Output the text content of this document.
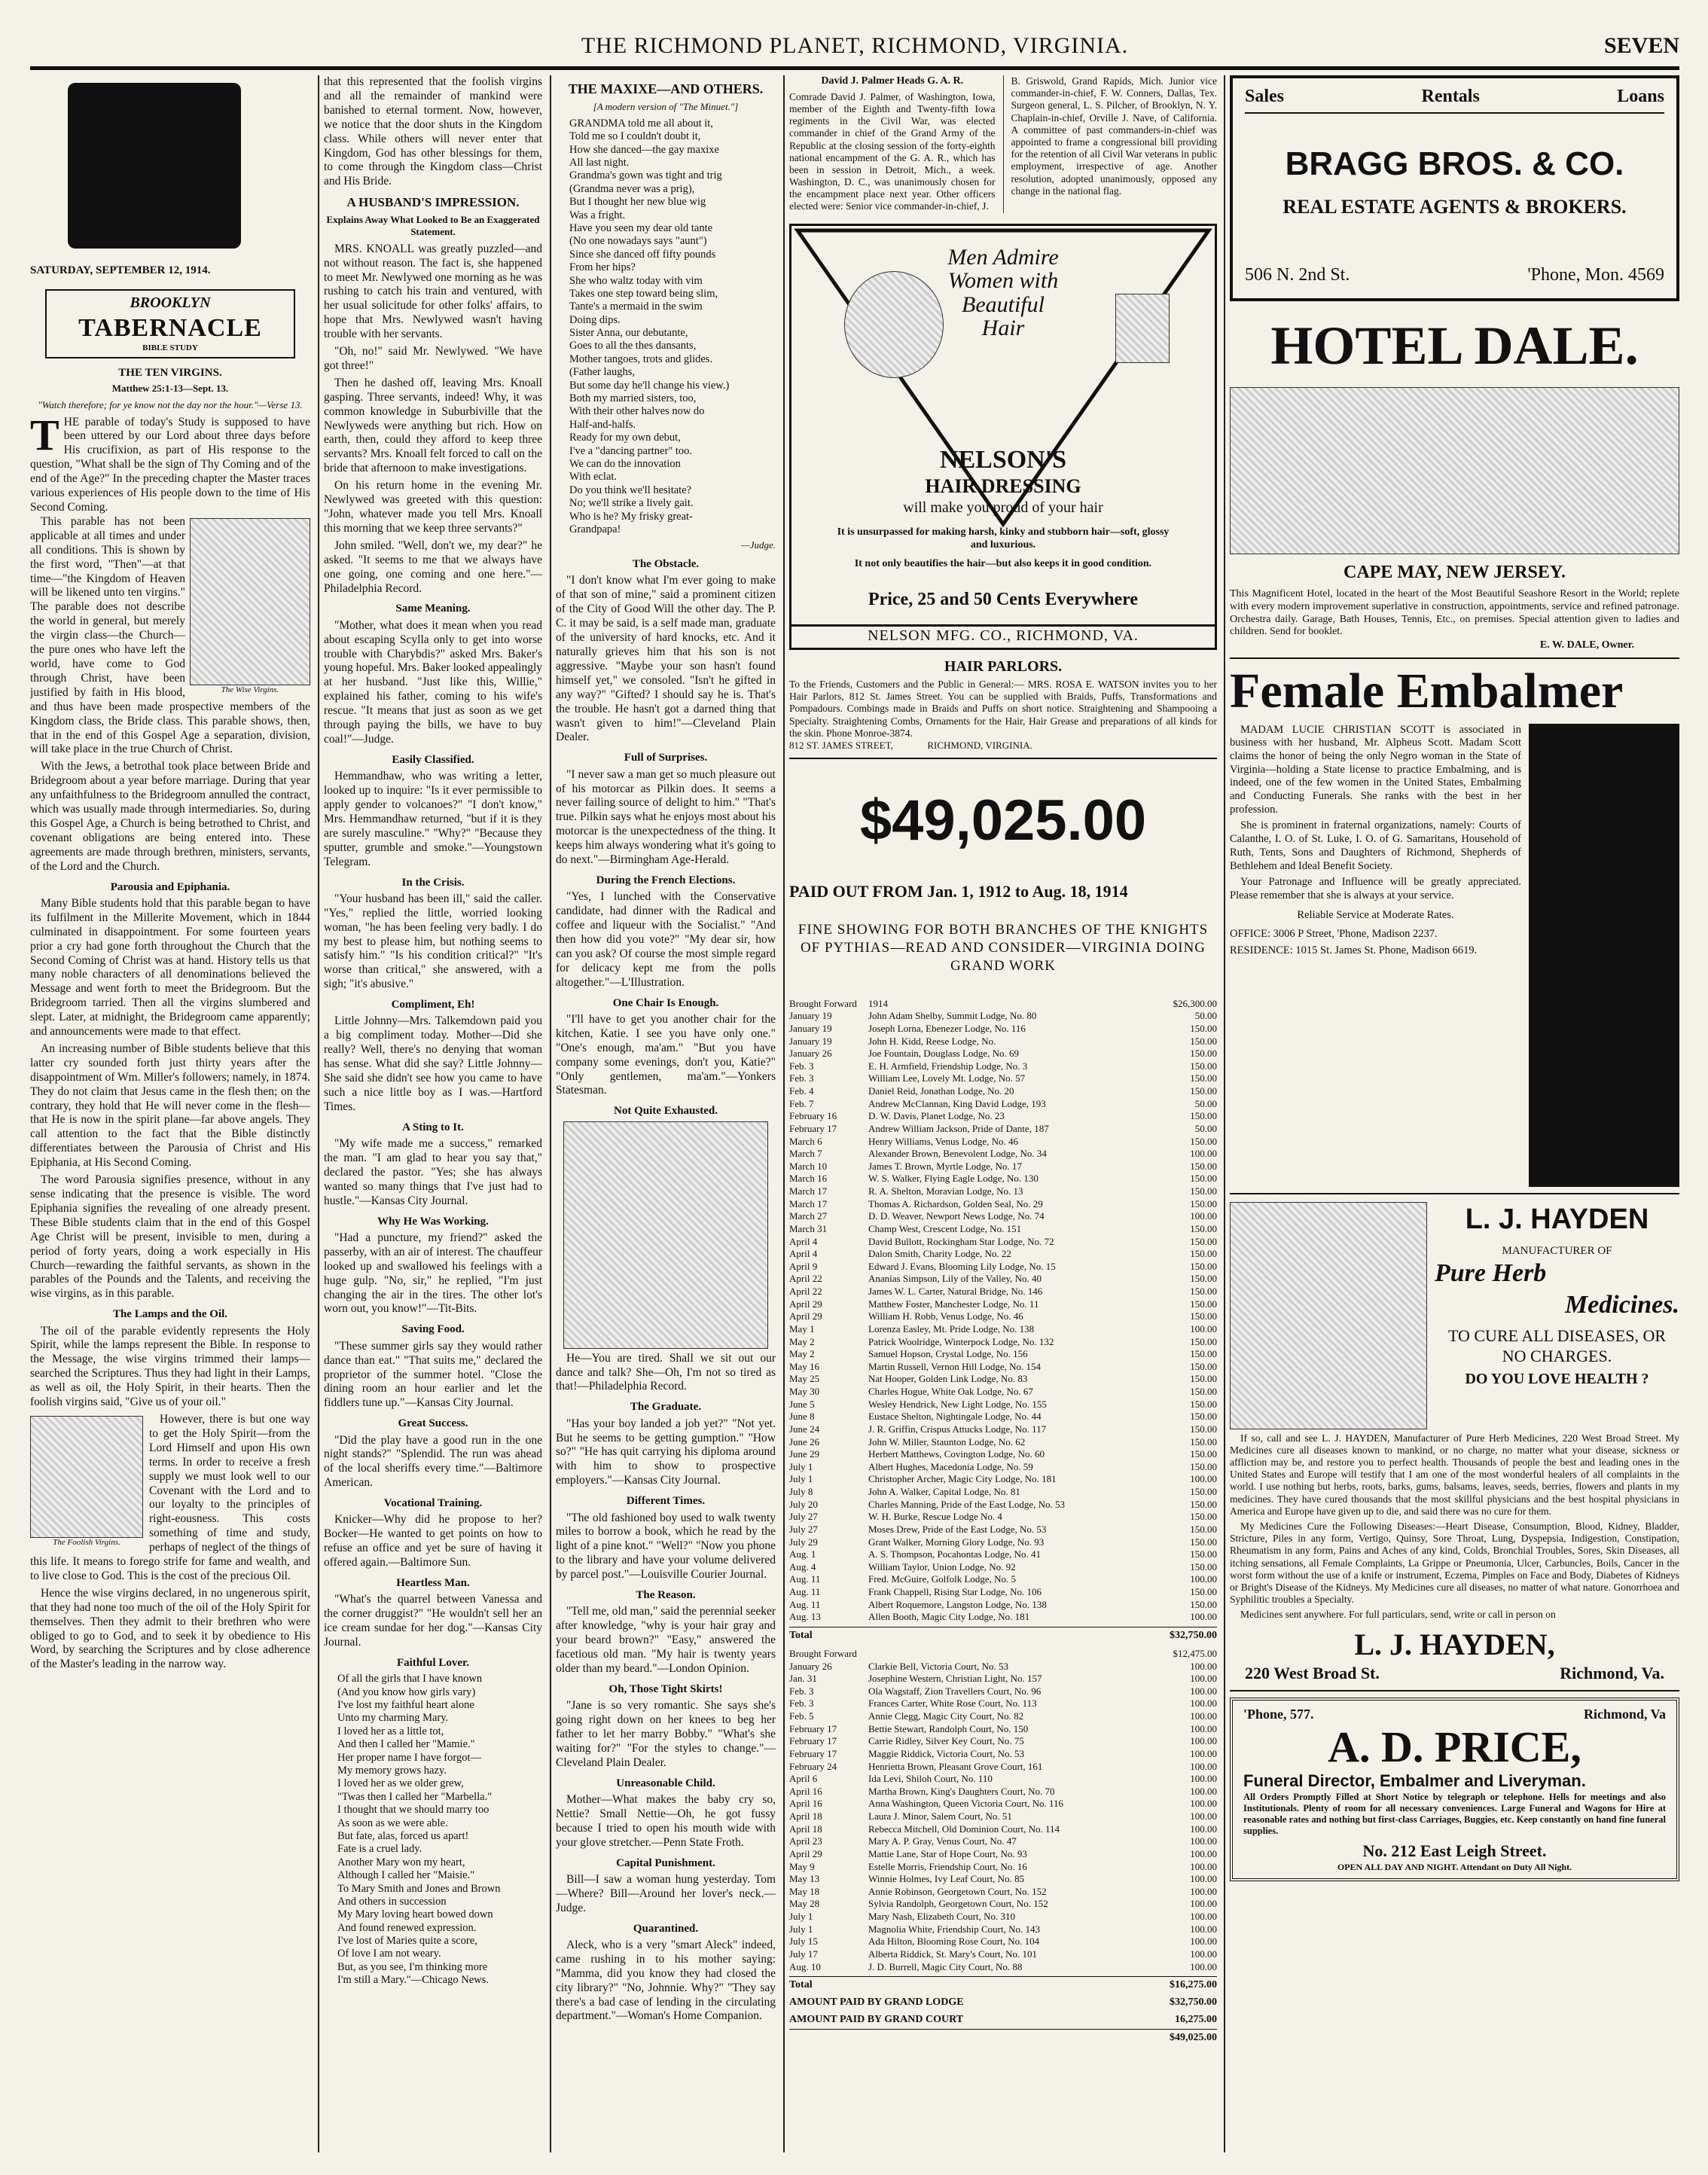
THE RICHMOND PLANET, RICHMOND, VIRGINIA.	SEVEN
SATURDAY, SEPTEMBER 12, 1914.
BROOKLYN
TABERNACLE
BIBLE STUDY
THE TEN VIRGINS.
Matthew 25:1-13—Sept. 13.
"Watch therefore; for ye know not the day nor the hour."—Verse 13.
T HE parable of today's Study is supposed to have been uttered by our Lord about three days before His crucifixion, as part of His response to the question, "What shall be the sign of Thy Coming and of the end of the Age?" In the preceding chapter the Master traces various experiences of His people down to the time of His Second Coming.
The Wise Virgins.

This parable has not been applicable at all times and under all conditions. This is shown by the first word, "Then"—at that time—"the Kingdom of Heaven will be likened unto ten virgins." The parable does not describe the world in general, but merely the virgin class—the Church—the pure ones who have left the world, have come to God through Christ, have been justified by faith in His blood, and thus have been made prospective members of the Kingdom class, the Bride class. This parable shows, then, that in the end of this Gospel Age a separation, division, will take place in the true Church of Christ.

With the Jews, a betrothal took place between Bride and Bridegroom about a year before marriage. During that year any unfaithfulness to the Bridegroom annulled the contract, which was usually made through intermediaries. So, during this Gospel Age, a Church is being betrothed to Christ, and covenant obligations are being entered into. These agreements are made through brethren, ministers, servants, of the Lord and the Church.

Parousia and Epiphania.

Many Bible students hold that this parable began to have its fulfilment in the Millerite Movement, which in 1844 culminated in disappointment. For some fourteen years prior a cry had gone forth throughout the Church that the Second Coming of Christ was at hand. History tells us that many noble characters of all denominations believed the Message and went forth to meet the Bridegroom. But the Bridegroom tarried. Then all the virgins slumbered and slept. Later, at midnight, the Bridegroom came apparently; and announcements were made to that effect.

An increasing number of Bible students believe that this latter cry sounded forth just thirty years after the disappointment of Wm. Miller's followers; namely, in 1874. They do not claim that Jesus came in the flesh then; on the contrary, they hold that He will never come in the flesh—that He is now in the spirit plane—far above angels. They call attention to the fact that the Bible distinctly differentiates between the Parousia of Christ and His Epiphania, at His Second Coming.

The word Parousia signifies presence, without in any sense indicating that the presence is visible. The word Epiphania signifies the revealing of one already present. These Bible students claim that in the end of this Gospel Age Christ will be present, invisible to men, during a period of forty years, doing a work especially in His Church—rewarding the faithful servants, as shown in the parables of the Pounds and the Talents, and receiving the wise virgins, as in this parable.

The Lamps and the Oil.

The oil of the parable evidently represents the Holy Spirit, while the lamps represent the Bible. In response to the Message, the wise virgins trimmed their lamps—searched the Scriptures. Thus they had light in their Lamps, as well as oil, the Holy Spirit, in their hearts. Then the foolish virgins said, "Give us of your oil."

The Foolish Virgins.

However, there is but one way to get the Holy Spirit—from the Lord Himself and upon His own terms. In order to receive a fresh supply we must look well to our Covenant with the Lord and to our loyalty to the principles of right-eousness. This costs something of time and study, perhaps of neglect of the things of this life. It means to forego strife for fame and wealth, and to live close to God. This is the cost of the precious Oil.

Hence the wise virgins declared, in no ungenerous spirit, that they had none too much of the oil of the Holy Spirit for themselves. Then they admit to their brethren who were obliged to go to God, and to seek it by obedience to His Word, by searching the Scriptures and by close adherence of the Master's leading in the narrow way.

that this represented that the foolish virgins and all the remainder of mankind were banished to eternal torment. Now, however, we notice that the door shuts in the Kingdom class. While others will never enter that Kingdom, God has other blessings for them, to come through the Kingdom class—Christ and His Bride.

A HUSBAND'S IMPRESSION.
Explains Away What Looked to Be an Exaggerated Statement.

MRS. KNOALL was greatly puzzled—and not without reason. The fact is, she happened to meet Mr. Newlywed one morning as he was rushing to catch his train and ventured, with her usual solicitude for other folks' affairs, to hope that Mrs. Newlywed wasn't having trouble with her servants.

"Oh, no!" said Mr. Newlywed. "We have got three!"

Then he dashed off, leaving Mrs. Knoall gasping. Three servants, indeed! Why, it was common knowledge in Suburbiville that the Newlyweds were anything but rich. How on earth, then, could they afford to keep three servants? Mrs. Knoall felt forced to call on the bride that afternoon to make investigations.

On his return home in the evening Mr. Newlywed was greeted with this question: "John, whatever made you tell Mrs. Knoall this morning that we keep three servants?"

John smiled. "Well, don't we, my dear?" he asked. "It seems to me that we always have one going, one coming and one here."—Philadelphia Record.

Same Meaning.

"Mother, what does it mean when you read about escaping Scylla only to get into worse trouble with Charybdis?" asked Mrs. Baker's young hopeful. Mrs. Baker looked appealingly at her husband. "Just like this, Willie," explained his father, coming to his wife's rescue. "It means that just as soon as we get through paying the bills, we have to buy coal!"—Judge.

Easily Classified.

Hemmandhaw, who was writing a letter, looked up to inquire: "Is it ever permissible to apply gender to volcanoes?" "I don't know," Mrs. Hemmandhaw returned, "but if it is they are surely masculine." "Why?" "Because they sputter, grumble and smoke."—Youngstown Telegram.

In the Crisis.

"Your husband has been ill," said the caller. "Yes," replied the little, worried looking woman, "he has been feeling very badly. I do my best to please him, but nothing seems to satisfy him." "Is his condition critical?" "It's worse than critical," she answered, with a sigh; "it's abusive."

Compliment, Eh!

Little Johnny—Mrs. Talkemdown paid you a big compliment today. Mother—Did she really? Well, there's no denying that woman has sense. What did she say? Little Johnny—She said she didn't see how you came to have such a nice little boy as I was.—Hartford Times.

A Sting to It.

"My wife made me a success," remarked the man. "I am glad to hear you say that," declared the pastor. "Yes; she has always wanted so many things that I've just had to hustle."—Kansas City Journal.

Why He Was Working.

"Had a puncture, my friend?" asked the passerby, with an air of interest. The chauffeur looked up and swallowed his feelings with a huge gulp. "No, sir," he replied, "I'm just changing the air in the tires. The other lot's worn out, you know!"—Tit-Bits.

Saving Food.

"These summer girls say they would rather dance than eat." "That suits me," declared the proprietor of the summer hotel. "Close the dining room an hour earlier and let the fiddlers tune up."—Kansas City Journal.

Great Success.

"Did the play have a good run in the one night stands?" "Splendid. The run was ahead of the local sheriffs every time."—Baltimore American.

Vocational Training.

Knicker—Why did he propose to her? Bocker—He wanted to get points on how to refuse an office and yet be sure of having it offered again.—Baltimore Sun.

Heartless Man.

"What's the quarrel between Vanessa and the corner druggist?" "He wouldn't sell her an ice cream sundae for her dog."—Kansas City Journal.

Faithful Lover.
Of all the girls that I have known
(And you know how girls vary)
I've lost my faithful heart alone
Unto my charming Mary.
I loved her as a little tot,
And then I called her "Mamie."
Her proper name I have forgot—
My memory grows hazy.
I loved her as we older grew,
"Twas then I called her "Marbella."
I thought that we should marry too
As soon as we were able.
But fate, alas, forced us apart!
Fate is a cruel lady.
Another Mary won my heart,
Although I called her "Maisie."
To Mary Smith and Jones and Brown
And others in succession
My Mary loving heart bowed down
And found renewed expression.
I've lost of Maries quite a score,
Of love I am not weary.
But, as you see, I'm thinking more
I'm still a Mary."—Chicago News.
THE MAXIXE—AND OTHERS.
[A modern version of "The Minuet."]
GRANDMA told me all about it,
Told me so I couldn't doubt it,
How she danced—the gay maxixe
All last night.
Grandma's gown was tight and trig
(Grandma never was a prig),
But I thought her new blue wig
Was a fright.
Have you seen my dear old tante
(No one nowadays says "aunt")
Since she danced off fifty pounds
From her hips?
She who waltz today with vim
Takes one step toward being slim,
Tante's a mermaid in the swim
Doing dips.
Sister Anna, our debutante,
Goes to all the thes dansants,
Mother tangoes, trots and glides.
(Father laughs,
But some day he'll change his view.)
Both my married sisters, too,
With their other halves now do
Half-and-halfs.
Ready for my own debut,
I've a "dancing partner" too.
We can do the innovation
With eclat.
Do you think we'll hesitate?
No; we'll strike a lively gait.
Who is he? My frisky great-
Grandpapa!
—Judge.
The Obstacle.

"I don't know what I'm ever going to make of that son of mine," said a prominent citizen of the City of Good Will the other day. The P. C. it may be said, is a self made man, graduate of the university of hard knocks, etc. And it naturally grieves him that his son is not aggressive. "Maybe your son hasn't found himself yet," we consoled. "Isn't he gifted in any way?" "Gifted? I should say he is. That's the trouble. He hasn't got a darned thing that wasn't given to him!"—Cleveland Plain Dealer.

Full of Surprises.

"I never saw a man get so much pleasure out of his motorcar as Pilkin does. It seems a never failing source of delight to him." "That's true. Pilkin says what he enjoys most about his motorcar is the unexpectedness of the thing. It keeps him always wondering what it's going to do next."—Birmingham Age-Herald.

During the French Elections.

"Yes, I lunched with the Conservative candidate, had dinner with the Radical and coffee and liqueur with the Socialist." "And then how did you vote?" "My dear sir, how can you ask? Of course the most simple regard for delicacy kept me from the polls altogether."—L'Illustration.

One Chair Is Enough.

"I'll have to get you another chair for the kitchen, Katie. I see you have only one." "One's enough, ma'am." "But you have company some evenings, don't you, Katie?" "Only gentlemen, ma'am."—Yonkers Statesman.

Not Quite Exhausted.

He—You are tired. Shall we sit out our dance and talk? She—Oh, I'm not so tired as that!—Philadelphia Record.

The Graduate.

"Has your boy landed a job yet?" "Not yet. But he seems to be getting gumption." "How so?" "He has quit carrying his diploma around with him to show to prospective employers."—Kansas City Journal.

Different Times.

"The old fashioned boy used to walk twenty miles to borrow a book, which he read by the light of a pine knot." "Well?" "Now you phone to the library and have your volume delivered by parcel post."—Louisville Courier Journal.

The Reason.

"Tell me, old man," said the perennial seeker after knowledge, "why is your hair gray and your beard brown?" "Easy," answered the facetious old man. "My hair is twenty years older than my beard."—London Opinion.

Oh, Those Tight Skirts!

"Jane is so very romantic. She says she's going right down on her knees to beg her father to let her marry Bobby." "What's she waiting for?" "For the styles to change."—Cleveland Plain Dealer.

Unreasonable Child.

Mother—What makes the baby cry so, Nettie? Small Nettie—Oh, he got fussy because I tried to open his mouth wide with your glove stretcher.—Penn State Froth.

Capital Punishment.

Bill—I saw a woman hung yesterday. Tom—Where? Bill—Around her lover's neck.—Judge.

Quarantined.

Aleck, who is a very "smart Aleck" indeed, came rushing in to his mother saying: "Mamma, did you know they had closed the city library?" "No, Johnnie. Why?" "They say there's a bad case of lending in the circulating department."—Woman's Home Companion.

David J. Palmer Heads G. A. R.
Comrade David J. Palmer, of Washington, Iowa, member of the Eighth and Twenty-fifth Iowa regiments in the Civil War, was elected commander in chief of the Grand Army of the Republic at the closing session of the forty-eighth national encampment of the G. A. R., which has been in session in Detroit, Mich., a week. Washington, D. C., was unanimously chosen for the encampment place next year. Other officers elected were: Senior vice commander-in-chief, J.
B. Griswold, Grand Rapids, Mich. Junior vice commander-in-chief, F. W. Conners, Dallas, Tex. Surgeon general, L. S. Pilcher, of Brooklyn, N. Y. Chaplain-in-chief, Orville J. Nave, of California. A committee of past commanders-in-chief was appointed to frame a congressional bill providing for the retention of all Civil War veterans in public employment, irrespective of age. Another resolution, adopted unanimously, opposed any change in the national flag.
Men Admire Women with Beautiful Hair
NELSON'S
HAIR DRESSING
will make you proud of your hair
It is unsurpassed for making harsh, kinky and stubborn hair—soft, glossy and luxurious.
It not only beautifies the hair—but also keeps it in good condition.
Price, 25 and 50 Cents Everywhere
NELSON MFG. CO., RICHMOND, VA.
HAIR PARLORS.
To the Friends, Customers and the Public in General:— MRS. ROSA E. WATSON invites you to her Hair Parlors, 812 St. James Street. You can be supplied with Braids, Puffs, Transformations and Pompadours. Combings made in Braids and Puffs on short notice. Straightening and Shampooing a Specialty. Straightening Combs, Ornaments for the Hair, Hair Grease and preparations of all kinds for the skin. Phone Monroe-3874.
812 ST. JAMES STREET,              RICHMOND, VIRGINIA.
$49,025.00
PAID OUT FROM Jan. 1, 1912 to Aug. 18, 1914
FINE SHOWING FOR BOTH BRANCHES OF THE KNIGHTS OF PYTHIAS—READ AND CONSIDER—VIRGINIA DOING GRAND WORK
Brought Forward	1914	$26,300.00
January 19	John Adam Shelby, Summit Lodge, No. 80	50.00
January 19	Joseph Lorna, Ebenezer Lodge, No. 116	150.00
January 19	John H. Kidd, Reese Lodge, No.	150.00
January 26	Joe Fountain, Douglass Lodge, No. 69	150.00
Feb. 3	E. H. Armfield, Friendship Lodge, No. 3	150.00
Feb. 3	William Lee, Lovely Mt. Lodge, No. 57	150.00
Feb. 4	Daniel Reid, Jonathan Lodge, No. 20	150.00
Feb. 7	Andrew McClannan, King David Lodge, 193	50.00
February 16	D. W. Davis, Planet Lodge, No. 23	150.00
February 17	Andrew William Jackson, Pride of Dante, 187	50.00
March 6	Henry Williams, Venus Lodge, No. 46	150.00
March 7	Alexander Brown, Benevolent Lodge, No. 34	100.00
March 10	James T. Brown, Myrtle Lodge, No. 17	150.00
March 16	W. S. Walker, Flying Eagle Lodge, No. 130	150.00
March 17	R. A. Shelton, Moravian Lodge, No. 13	150.00
March 17	Thomas A. Richardson, Golden Seal, No. 29	150.00
March 27	D. D. Weaver, Newport News Lodge, No. 74	100.00
March 31	Champ West, Crescent Lodge, No. 151	150.00
April 4	David Bullott, Rockingham Star Lodge, No. 72	150.00
April 4	Dalon Smith, Charity Lodge, No. 22	150.00
April 9	Edward J. Evans, Blooming Lily Lodge, No. 15	150.00
April 22	Ananias Simpson, Lily of the Valley, No. 40	150.00
April 22	James W. L. Carter, Natural Bridge, No. 146	150.00
April 29	Matthew Foster, Manchester Lodge, No. 11	150.00
April 29	William H. Robb, Venus Lodge, No. 46	150.00
May 1	Lorenza Easley, Mt. Pride Lodge, No. 138	100.00
May 2	Patrick Woolridge, Winterpock Lodge, No. 132	150.00
May 2	Samuel Hopson, Crystal Lodge, No. 156	150.00
May 16	Martin Russell, Vernon Hill Lodge, No. 154	150.00
May 25	Nat Hooper, Golden Link Lodge, No. 83	150.00
May 30	Charles Hogue, White Oak Lodge, No. 67	150.00
June 5	Wesley Hendrick, New Light Lodge, No. 155	150.00
June 8	Eustace Shelton, Nightingale Lodge, No. 44	150.00
June 24	J. R. Griffin, Crispus Attucks Lodge, No. 117	150.00
June 26	John W. Miller, Staunton Lodge, No. 62	150.00
June 29	Herbert Matthews, Covington Lodge, No. 60	150.00
July 1	Albert Hughes, Macedonia Lodge, No. 59	150.00
July 1	Christopher Archer, Magic City Lodge, No. 181	100.00
July 8	John A. Walker, Capital Lodge, No. 81	150.00
July 20	Charles Manning, Pride of the East Lodge, No. 53	150.00
July 27	W. H. Burke, Rescue Lodge No. 4	150.00
July 27	Moses Drew, Pride of the East Lodge, No. 53	150.00
July 29	Grant Walker, Morning Glory Lodge, No. 93	150.00
Aug. 1	A. S. Thompson, Pocahontas Lodge, No. 41	150.00
Aug. 4	William Taylor, Union Lodge, No. 92	150.00
Aug. 11	Fred. McGuire, Golfolk Lodge, No. 5	100.00
Aug. 11	Frank Chappell, Rising Star Lodge, No. 106	150.00
Aug. 11	Albert Roquemore, Langston Lodge, No. 138	150.00
Aug. 13	Allen Booth, Magic City Lodge, No. 181	100.00
Total	$32,750.00
Brought Forward	$12,475.00
January 26	Clarkie Bell, Victoria Court, No. 53	100.00
Jan. 31	Josephine Western, Christian Light, No. 157	100.00
Feb. 3	Ola Wagstaff, Zion Travellers Court, No. 96	100.00
Feb. 3	Frances Carter, White Rose Court, No. 113	100.00
Feb. 5	Annie Clegg, Magic City Court, No. 82	100.00
February 17	Bettie Stewart, Randolph Court, No. 150	100.00
February 17	Carrie Ridley, Silver Key Court, No. 75	100.00
February 17	Maggie Riddick, Victoria Court, No. 53	100.00
February 24	Henrietta Brown, Pleasant Grove Court, 161	100.00
April 6	Ida Levi, Shiloh Court, No. 110	100.00
April 16	Martha Brown, King's Daughters Court, No. 70	100.00
April 16	Anna Washington, Queen Victoria Court, No. 116	100.00
April 18	Laura J. Minor, Salem Court, No. 51	100.00
April 18	Rebecca Mitchell, Old Dominion Court, No. 114	100.00
April 23	Mary A. P. Gray, Venus Court, No. 47	100.00
April 29	Mattie Lane, Star of Hope Court, No. 93	100.00
May 9	Estelle Morris, Friendship Court, No. 16	100.00
May 13	Winnie Holmes, Ivy Leaf Court, No. 85	100.00
May 18	Annie Robinson, Georgetown Court, No. 152	100.00
May 28	Sylvia Randolph, Georgetown Court, No. 152	100.00
July 1	Mary Nash, Elizabeth Court, No. 310	100.00
July 1	Magnolia White, Friendship Court, No. 143	100.00
July 15	Ada Hilton, Blooming Rose Court, No. 104	100.00
July 17	Alberta Riddick, St. Mary's Court, No. 101	100.00
Aug. 10	J. D. Burrell, Magic City Court, No. 88	100.00
Total	$16,275.00
AMOUNT PAID BY GRAND LODGE	$32,750.00
AMOUNT PAID BY GRAND COURT	16,275.00
$49,025.00
Sales	Rentals	Loans
BRAGG BROS. & CO.
REAL ESTATE AGENTS & BROKERS.
506 N. 2nd St.	'Phone, Mon. 4569
HOTEL DALE.
CAPE MAY, NEW JERSEY.
This Magnificent Hotel, located in the heart of the Most Beautiful Seashore Resort in the World; replete with every modern improvement superlative in construction, appointments, service and refined patronage. Orchestra daily. Garage, Bath Houses, Tennis, Etc., on premises. Special attention given to ladies and children. Send for booklet.
E. W. DALE, Owner.
Female Embalmer

MADAM LUCIE CHRISTIAN SCOTT is associated in business with her husband, Mr. Alpheus Scott. Madam Scott claims the honor of being the only Negro woman in the State of Virginia—holding a State license to practice Embalming, and is indeed, one of the few women in the United States, Embalming and Conducting Funerals. She ranks with the best in her profession.

She is prominent in fraternal organizations, namely: Courts of Calanthe, I. O. of St. Luke, I. O. of G. Samaritans, Household of Ruth, Tents, Sons and Daughters of Richmond, Shepherds of Bethlehem and Ideal Benefit Society.

Your Patronage and Influence will be greatly appreciated. Please remember that she is always at your service.

Reliable Service at Moderate Rates.

OFFICE: 3006 P Street, 'Phone, Madison 2237.

RESIDENCE: 1015 St. James St. Phone, Madison 6619.

L. J. HAYDEN
MANUFACTURER OF
Pure Herb
Medicines.
TO CURE ALL DISEASES, OR NO CHARGES.
DO YOU LOVE HEALTH ?

If so, call and see L. J. HAYDEN, Manufacturer of Pure Herb Medicines, 220 West Broad Street. My Medicines cure all diseases known to mankind, or no charge, no matter what your disease, sickness or affliction may be, and restore you to perfect health. Thousands of people the best and leading ones in the United States and Europe will testify that I am one of the most wonderful healers of all complaints in the world. I use nothing but herbs, roots, barks, gums, balsams, leaves, seeds, berries, flowers and plants in my medicines. They have cured thousands that the most skillful physicians and the best hospital physicians in America and Europe have given up to die, and said there was no cure for them.

My Medicines Cure the Following Diseases:—Heart Disease, Consumption, Blood, Kidney, Bladder, Stricture, Piles in any form, Vertigo, Quinsy, Sore Throat, Lung, Dyspepsia, Indigestion, Constipation, Rheumatism in any form, Pains and Aches of any kind, Colds, Bronchial Troubles, Sores, Skin Diseases, all itching sensations, all Female Complaints, La Grippe or Pneumonia, Ulcer, Carbuncles, Boils, Cancer in the worst form without the use of a knife or instrument, Eczema, Pimples on Face and Body, Diabetes of Kidneys or Bright's Disease of the Kidneys. My Medicines cure all diseases, no matter of what nature. Gonorrhoea and Syphilitic troubles a Specialty.

Medicines sent anywhere. For full particulars, send, write or call in person on

L. J. HAYDEN,
220 West Broad St.	Richmond, Va.
'Phone, 577.	Richmond, Va
A. D. PRICE,
Funeral Director, Embalmer and Liveryman.
All Orders Promptly Filled at Short Notice by telegraph or telephone. Hells for meetings and also Institutionals. Plenty of room for all necessary conveniences. Large Funeral and Wagons for Hire at reasonable rates and nothing but first-class Carriages, Buggies, etc. Keep constantly on hand fine funeral supplies.
No. 212 East Leigh Street.
OPEN ALL DAY AND NIGHT. Attendant on Duty All Night.
